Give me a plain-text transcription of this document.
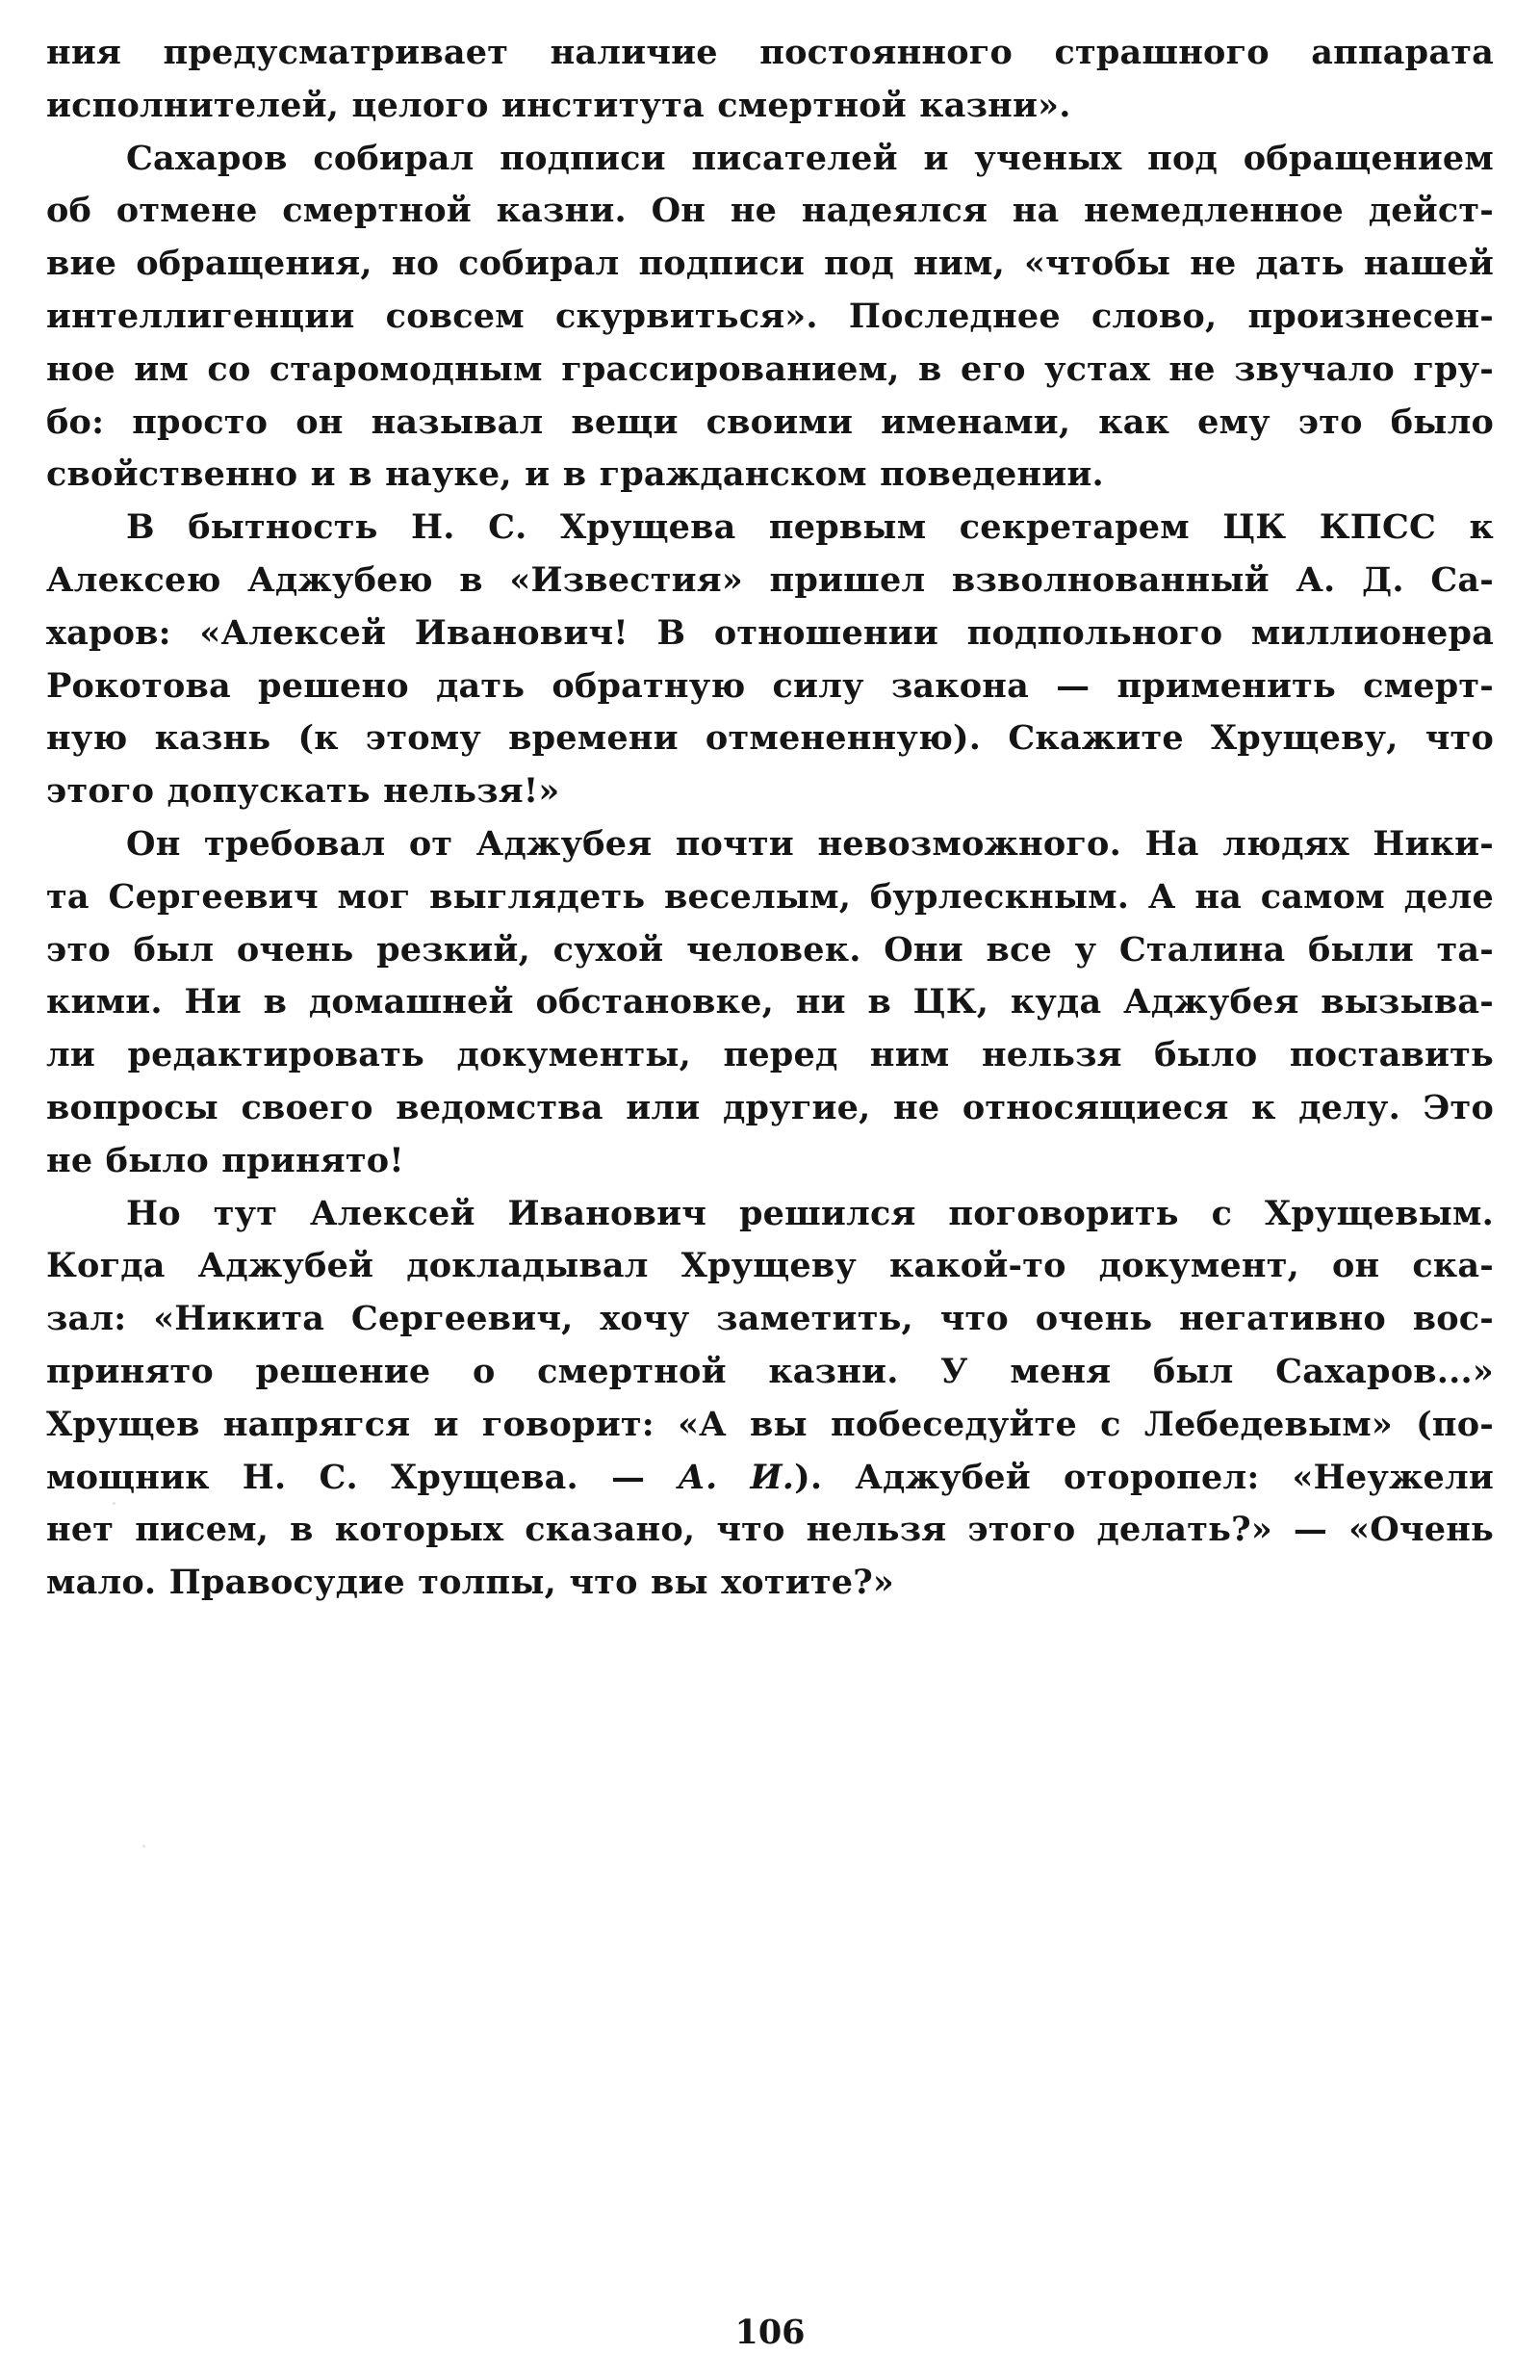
ния предусматривает наличие постоянного страшного аппарата
исполнителей, целого института смертной казни».

Сахаров собирал подписи писателей и ученых под обращением
об отмене смертной казни. Он не надеялся на немедленное дейст-
вие обращения, но собирал подписи под ним, «чтобы не дать нашей
интеллигенции совсем скурвиться». Последнее слово, произнесен-
ное им со старомодным грассированием, в его устах не звучало гру-
бо: просто он называл вещи своими именами, как ему это было
свойственно и в науке, и в гражданском поведении.

В бытность Н. С. Хрущева первым секретарем ЦК КПСС к
Алексею Аджубею в «Известия» пришел взволнованный А. Д. Са-
харов: «Алексей Иванович! В отношении подпольного миллионера
Рокотова решено дать обратную силу закона — применить смерт-
ную казнь (к этому времени отмененную). Скажите Хрущеву, что
этого допускать нельзя!»

Он требовал от Аджубея почти невозможного. На людях Ники-
та Сергеевич мог выглядеть веселым, бурлескным. А на самом деле
это был очень резкий, сухой человек. Они все у Сталина были та-
кими. Ни в домашней обстановке, ни в ЦК, куда Аджубея вызыва-
ли редактировать документы, перед ним нельзя было поставить
вопросы своего ведомства или другие, не относящиеся к делу. Это
не было принято!

Но тут Алексей Иванович решился поговорить с Хрущевым.
Когда Аджубей докладывал Хрущеву какой-то документ, он ска-
зал: «Никита Сергеевич, хочу заметить, что очень негативно вос-
принято решение о смертной казни. У меня был Сахаров...»
Хрущев напрягся и говорит: «А вы побеседуйте с Лебедевым» (по-
мощник Н. С. Хрущева. — А. И.). Аджубей оторопел: «Неужели
нет писем, в которых сказано, что нельзя этого делать?» — «Очень
мало. Правосудие толпы, что вы хотите?»

106
